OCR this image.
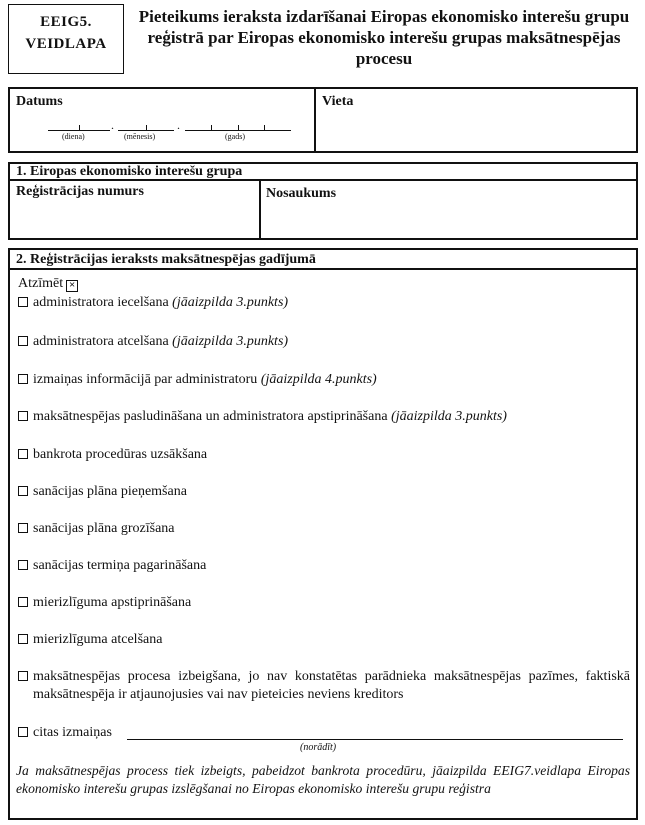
EEIG5.
VEIDLAPA
Pieteikums ieraksta izdarīšanai Eiropas ekonomisko interešu grupu reģistrā par Eiropas ekonomisko interešu grupas maksātnespējas procesu
Datums	Vieta
.	.
(diena)	(mēnesis)	(gads)
1. Eiropas ekonomisko interešu grupa
Reģistrācijas numurs	Nosaukums
2. Reģistrācijas ieraksts maksātnespējas gadījumā
Atzīmēt ×
administratora iecelšana (jāaizpilda 3.punkts)
administratora atcelšana (jāaizpilda 3.punkts)
izmaiņas informācijā par administratoru (jāaizpilda 4.punkts)
maksātnespējas pasludināšana un administratora apstiprināšana (jāaizpilda 3.punkts)
bankrota procedūras uzsākšana
sanācijas plāna pieņemšana
sanācijas plāna grozīšana
sanācijas termiņa pagarināšana
mierizlīguma apstiprināšana
mierizlīguma atcelšana
maksātnespējas procesa izbeigšana, jo nav konstatētas parādnieka maksātnespējas pazīmes, faktiskā maksātnespēja ir atjaunojusies vai nav pieteicies neviens kreditors
citas izmaiņas
(norādīt)
Ja maksātnespējas process tiek izbeigts, pabeidzot bankrota procedūru, jāaizpilda EEIG7.veidlapa Eiropas ekonomisko interešu grupas izslēgšanai no Eiropas ekonomisko interešu grupu reģistra
